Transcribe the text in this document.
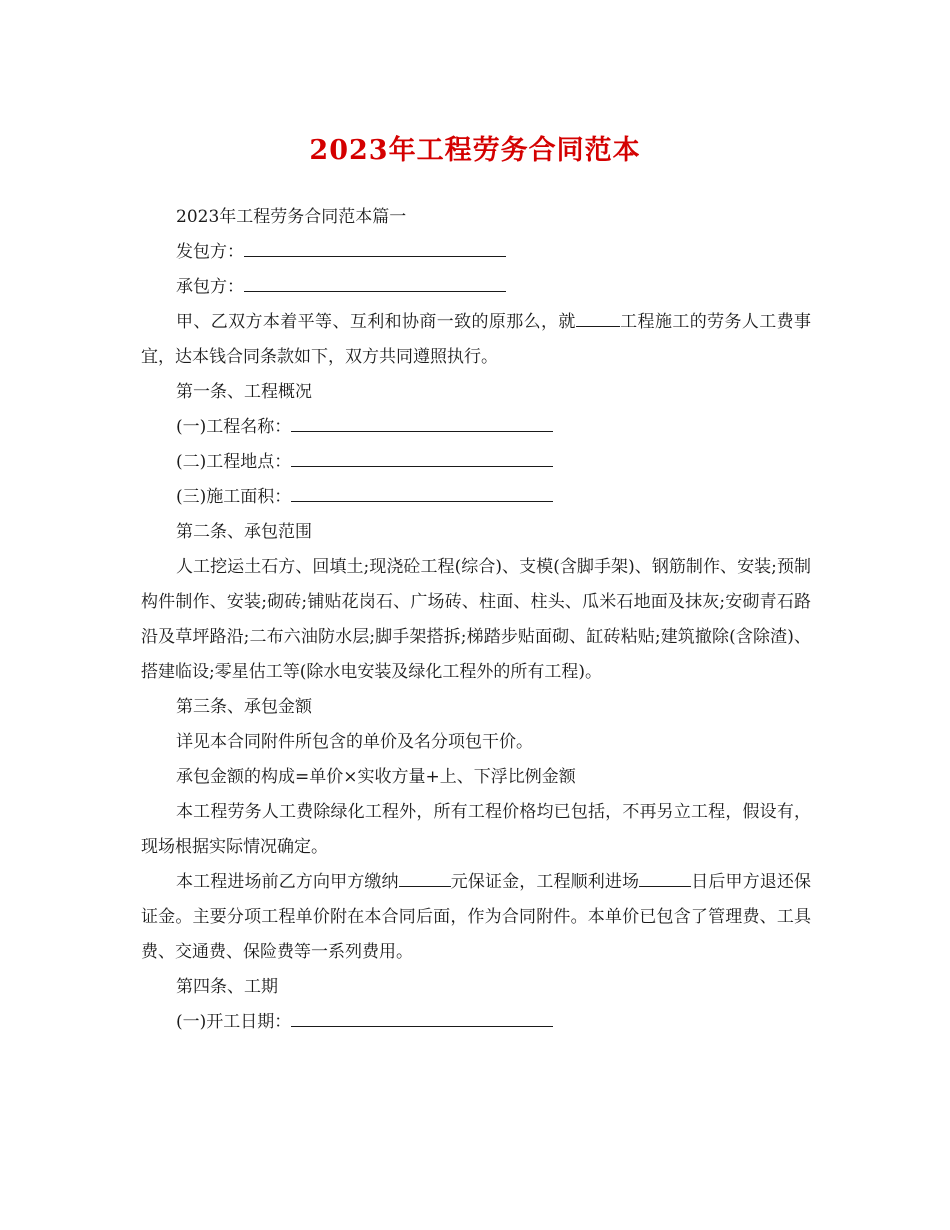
2023年工程劳务合同范本

2023年工程劳务合同范本篇一

发包方：

承包方：

甲、乙双方本着平等、互利和协商一致的原那么，就	工程施工的劳务人工费事宜，达本钱合同条款如下，双方共同遵照执行。

第一条、工程概况

(一)工程名称：

(二)工程地点：

(三)施工面积：

第二条、承包范围

人工挖运土石方、回填土;现浇砼工程(综合)、支模(含脚手架)、钢筋制作、安装;预制构件制作、安装;砌砖;铺贴花岗石、广场砖、柱面、柱头、瓜米石地面及抹灰;安砌青石路沿及草坪路沿;二布六油防水层;脚手架搭拆;梯踏步贴面砌、缸砖粘贴;建筑撤除(含除渣)、搭建临设;零星估工等(除水电安装及绿化工程外的所有工程)。

第三条、承包金额

详见本合同附件所包含的单价及名分项包干价。

承包金额的构成=单价×实收方量+上、下浮比例金额

本工程劳务人工费除绿化工程外，所有工程价格均已包括，不再另立工程，假设有，现场根据实际情况确定。

本工程进场前乙方向甲方缴纳	元保证金，工程顺利进场	日后甲方退还保证金。主要分项工程单价附在本合同后面，作为合同附件。本单价已包含了管理费、工具费、交通费、保险费等一系列费用。

第四条、工期

(一)开工日期：
